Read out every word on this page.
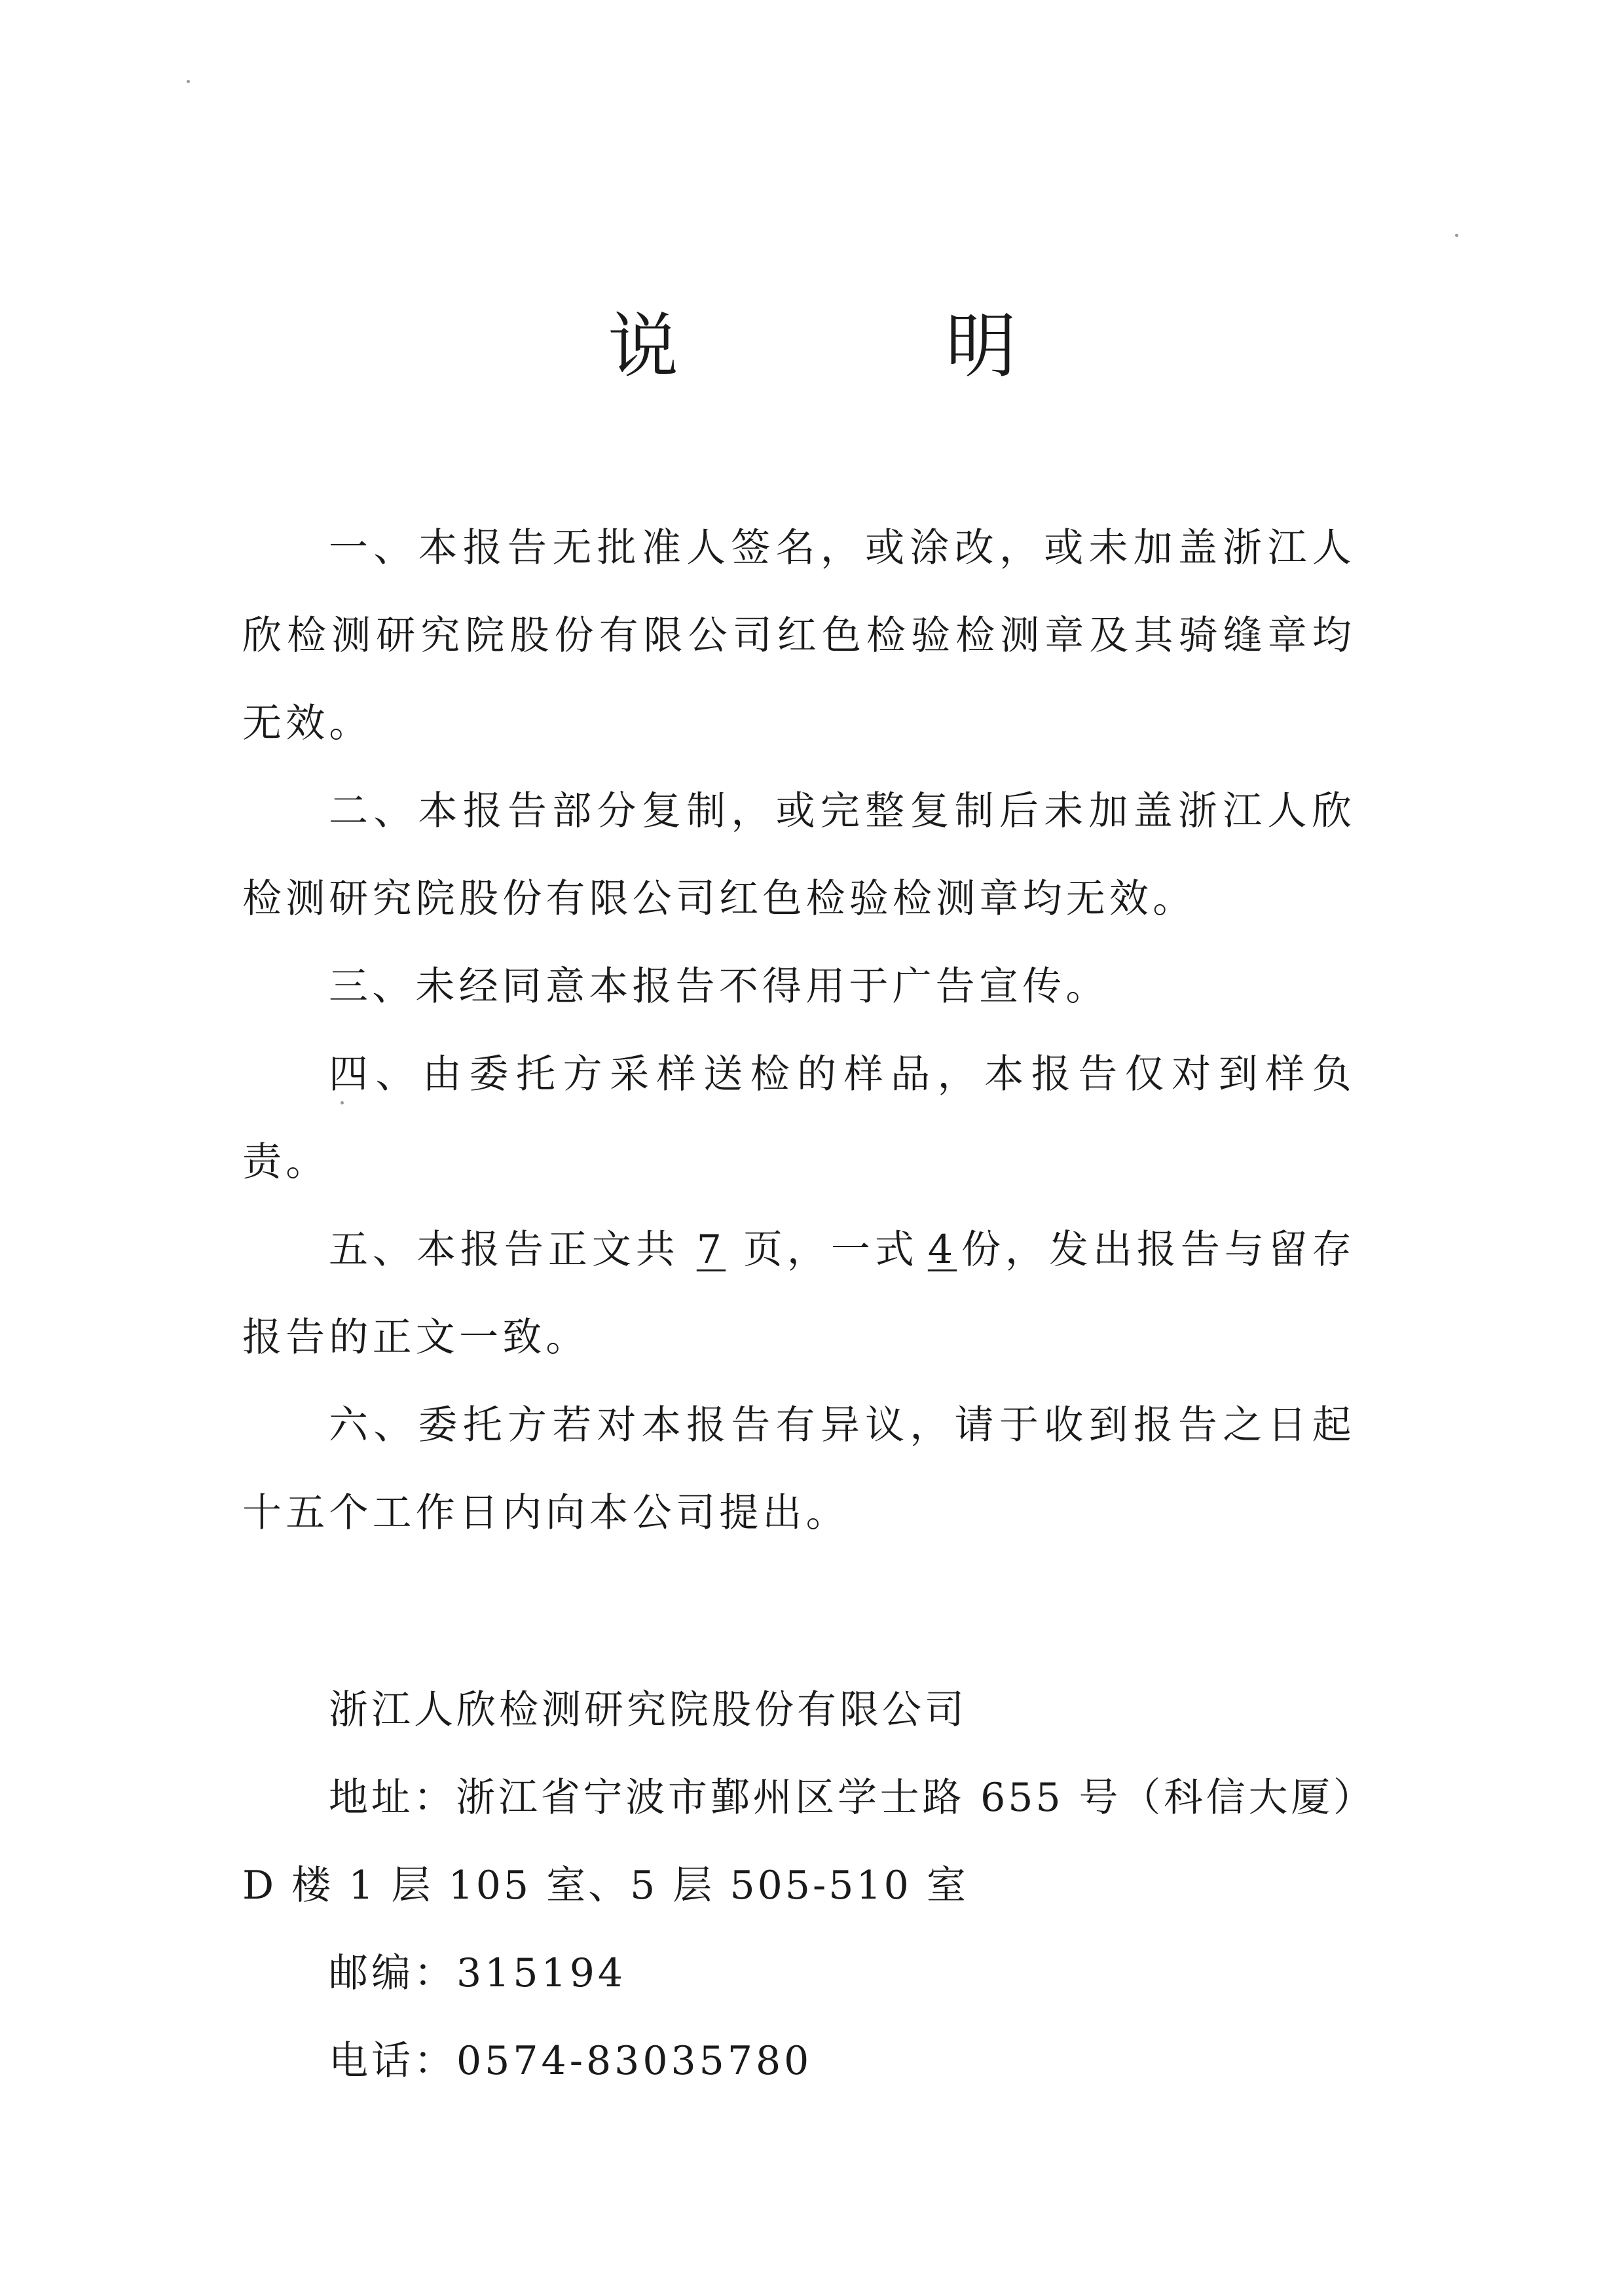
说　明

一、本报告无批准人签名，或涂改，或未加盖浙江人欣检测研究院股份有限公司红色检验检测章及其骑缝章均无效。

二、本报告部分复制，或完整复制后未加盖浙江人欣检测研究院股份有限公司红色检验检测章均无效。

三、未经同意本报告不得用于广告宣传。

四、由委托方采样送检的样品，本报告仅对到样负责。

五、本报告正文共 7 页，一式 4 份，发出报告与留存报告的正文一致。

六、委托方若对本报告有异议，请于收到报告之日起十五个工作日内向本公司提出。

浙江人欣检测研究院股份有限公司

地址：浙江省宁波市鄞州区学士路 655 号（科信大厦）D 楼 1 层 105 室、5 层 505-510 室

邮编：315194

电话：0574-83035780
